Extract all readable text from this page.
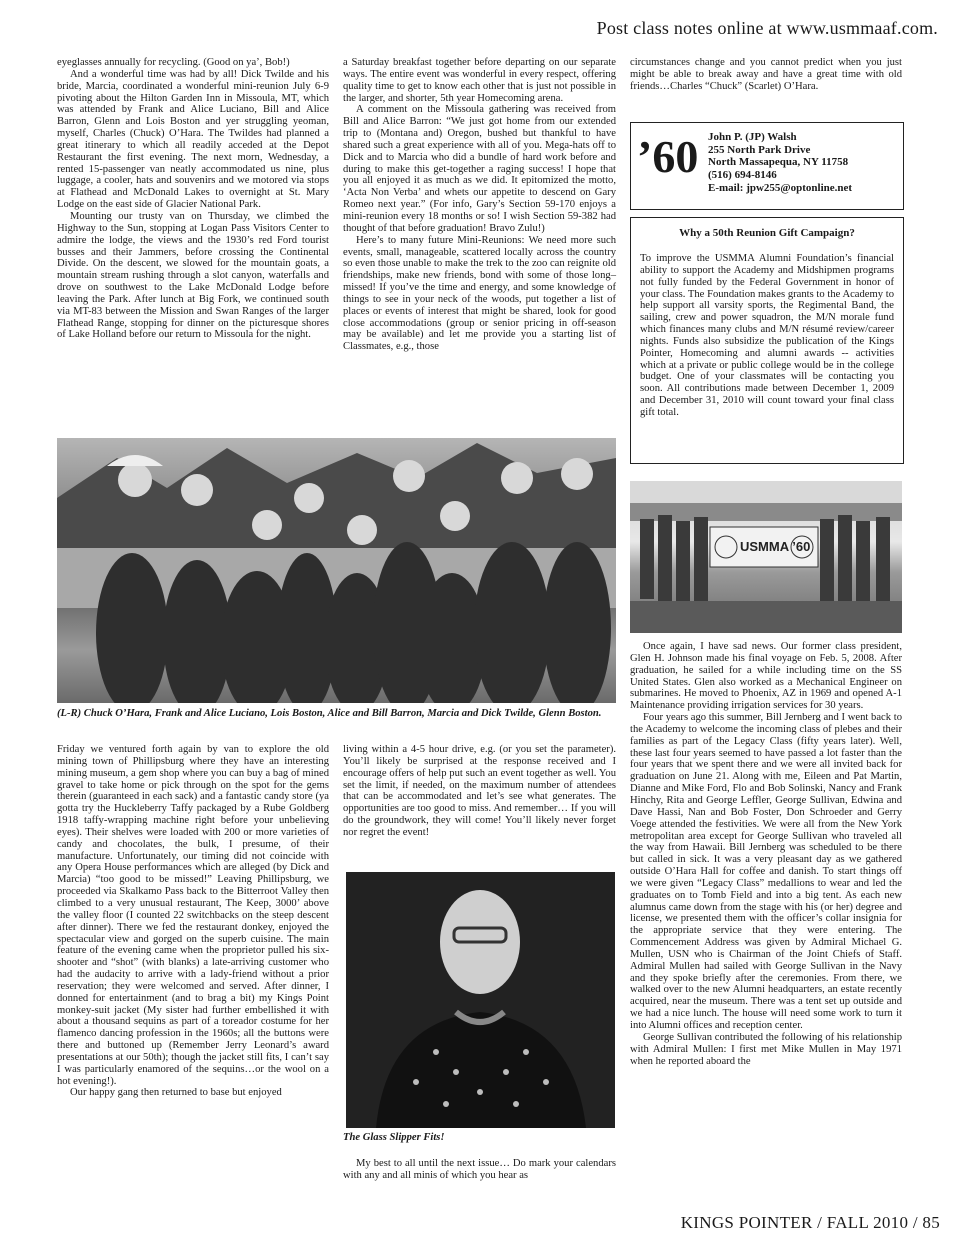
Post class notes online at www.usmmaaf.com.

eyeglasses annually for recycling. (Good on ya’, Bob!)

And a wonderful time was had by all! Dick Twilde and his bride, Marcia, coordinated a wonderful mini-reunion July 6-9 pivoting about the Hilton Garden Inn in Missoula, MT, which was attended by Frank and Alice Luciano, Bill and Alice Barron, Glenn and Lois Boston and yer struggling yeoman, myself, Charles (Chuck) O’Hara. The Twildes had planned a great itinerary to which all readily acceded at the Depot Restaurant the first evening. The next morn, Wednesday, a rented 15-passenger van neatly accommodated us nine, plus luggage, a cooler, hats and souvenirs and we motored via stops at Flathead and McDonald Lakes to overnight at St. Mary Lodge on the east side of Glacier National Park.

Mounting our trusty van on Thursday, we climbed the Highway to the Sun, stopping at Logan Pass Visitors Center to admire the lodge, the views and the 1930’s red Ford tourist busses and their Jammers, before crossing the Continental Divide. On the descent, we slowed for the mountain goats, a mountain stream rushing through a slot canyon, waterfalls and drove on southwest to the Lake McDonald Lodge before leaving the Park. After lunch at Big Fork, we continued south via MT-83 between the Mission and Swan Ranges of the larger Flathead Range, stopping for dinner on the picturesque shores of Lake Holland before our return to Missoula for the night.

a Saturday breakfast together before departing on our separate ways. The entire event was wonderful in every respect, offering quality time to get to know each other that is just not possible in the larger, and shorter, 5th year Homecoming arena.

A comment on the Missoula gathering was received from Bill and Alice Barron: “We just got home from our extended trip to (Montana and) Oregon, bushed but thankful to have shared such a great experience with all of you. Mega-hats off to Dick and to Marcia who did a bundle of hard work before and during to make this get-together a raging success! I hope that you all enjoyed it as much as we did. It epitomized the motto, ‘Acta Non Verba’ and whets our appetite to descend on Gary Romeo next year.” (For info, Gary’s Section 59-170 enjoys a mini-reunion every 18 months or so! I wish Section 59-382 had thought of that before graduation! Bravo Zulu!)

Here’s to many future Mini-Reunions: We need more such events, small, manageable, scattered locally across the country so even those unable to make the trek to the zoo can reignite old friendships, make new friends, bond with some of those long–missed! If you’ve the time and energy, and some knowledge of things to see in your neck of the woods, put together a list of places or events of interest that might be shared, look for good close accommodations (group or senior pricing in off-season may be available) and let me provide you a starting list of Classmates, e.g., those

circumstances change and you cannot predict when you just might be able to break away and have a great time with old friends…Charles “Chuck” (Scarlet) O’Hara.

’60 John P. (JP) Walsh
255 North Park Drive
North Massapequa, NY 11758
(516) 694-8146
E-mail: jpw255@optonline.net
Why a 50th Reunion Gift Campaign?
To improve the USMMA Alumni Foundation’s financial ability to support the Academy and Midshipmen programs not fully funded by the Federal Government in honor of your class. The Foundation makes grants to the Academy to help support all varsity sports, the Regimental Band, the sailing, crew and power squadron, the M/N morale fund which finances many clubs and M/N résumé review/career nights. Funds also subsidize the publication of the Kings Pointer, Homecoming and alumni awards -- activities which at a private or public college would be in the college budget. One of your classmates will be contacting you soon. All contributions made between December 1, 2009 and December 31, 2010 will count toward your final class gift total.
USMMA ’60
(L-R) Chuck O’Hara, Frank and Alice Luciano, Lois Boston, Alice and Bill Barron, Marcia and Dick Twilde, Glenn Boston.

Friday we ventured forth again by van to explore the old mining town of Phillipsburg where they have an interesting mining museum, a gem shop where you can buy a bag of mined gravel to take home or pick through on the spot for the gems therein (guaranteed in each sack) and a fantastic candy store (ya gotta try the Huckleberry Taffy packaged by a Rube Goldberg 1918 taffy-wrapping machine right before your unbelieving eyes). Their shelves were loaded with 200 or more varieties of candy and chocolates, the bulk, I presume, of their manufacture. Unfortunately, our timing did not coincide with any Opera House performances which are alleged (by Dick and Marcia) “too good to be missed!” Leaving Phillipsburg, we proceeded via Skalkamo Pass back to the Bitterroot Valley then climbed to a very unusual restaurant, The Keep, 3000’ above the valley floor (I counted 22 switchbacks on the steep descent after dinner). There we fed the restaurant donkey, enjoyed the spectacular view and gorged on the superb cuisine. The main feature of the evening came when the proprietor pulled his six-shooter and “shot” (with blanks) a late-arriving customer who had the audacity to arrive with a lady-friend without a prior reservation; they were welcomed and served. After dinner, I donned for entertainment (and to brag a bit) my Kings Point monkey-suit jacket (My sister had further embellished it with about a thousand sequins as part of a toreador costume for her flamenco dancing profession in the 1960s; all the buttons were there and buttoned up (Remember Jerry Leonard’s award presentations at our 50th); though the jacket still fits, I can’t say I was particularly enamored of the sequins…or the wool on a hot evening!).

Our happy gang then returned to base but enjoyed

living within a 4-5 hour drive, e.g. (or you set the parameter). You’ll likely be surprised at the response received and I encourage offers of help put such an event together as well. You set the limit, if needed, on the maximum number of attendees that can be accommodated and let’s see what generates. The opportunities are too good to miss. And remember… If you will do the groundwork, they will come! You’ll likely never forget nor regret the event!

The Glass Slipper Fits!

My best to all until the next issue… Do mark your calendars with any and all minis of which you hear as

Once again, I have sad news. Our former class president, Glen H. Johnson made his final voyage on Feb. 5, 2008. After graduation, he sailed for a while including time on the SS United States. Glen also worked as a Mechanical Engineer on submarines. He moved to Phoenix, AZ in 1969 and opened A-1 Maintenance providing irrigation services for 30 years.

Four years ago this summer, Bill Jernberg and I went back to the Academy to welcome the incoming class of plebes and their families as part of the Legacy Class (fifty years later). Well, these last four years seemed to have passed a lot faster than the four years that we spent there and we were all invited back for graduation on June 21. Along with me, Eileen and Pat Martin, Dianne and Mike Ford, Flo and Bob Solinski, Nancy and Frank Hinchy, Rita and George Leffler, George Sullivan, Edwina and Dave Hassi, Nan and Bob Foster, Don Schroeder and Gerry Voege attended the festivities. We were all from the New York metropolitan area except for George Sullivan who traveled all the way from Hawaii. Bill Jernberg was scheduled to be there but called in sick. It was a very pleasant day as we gathered outside O’Hara Hall for coffee and danish. To start things off we were given “Legacy Class” medallions to wear and led the graduates on to Tomb Field and into a big tent. As each new alumnus came down from the stage with his (or her) degree and license, we presented them with the officer’s collar insignia for the appropriate service that they were entering. The Commencement Address was given by Admiral Michael G. Mullen, USN who is Chairman of the Joint Chiefs of Staff. Admiral Mullen had sailed with George Sullivan in the Navy and they spoke briefly after the ceremonies. From there, we walked over to the new Alumni headquarters, an estate recently acquired, near the museum. There was a tent set up outside and we had a nice lunch. The house will need some work to turn it into Alumni offices and reception center.

George Sullivan contributed the following of his relationship with Admiral Mullen: I first met Mike Mullen in May 1971 when he reported aboard the

KINGS POINTER / FALL 2010 / 85
